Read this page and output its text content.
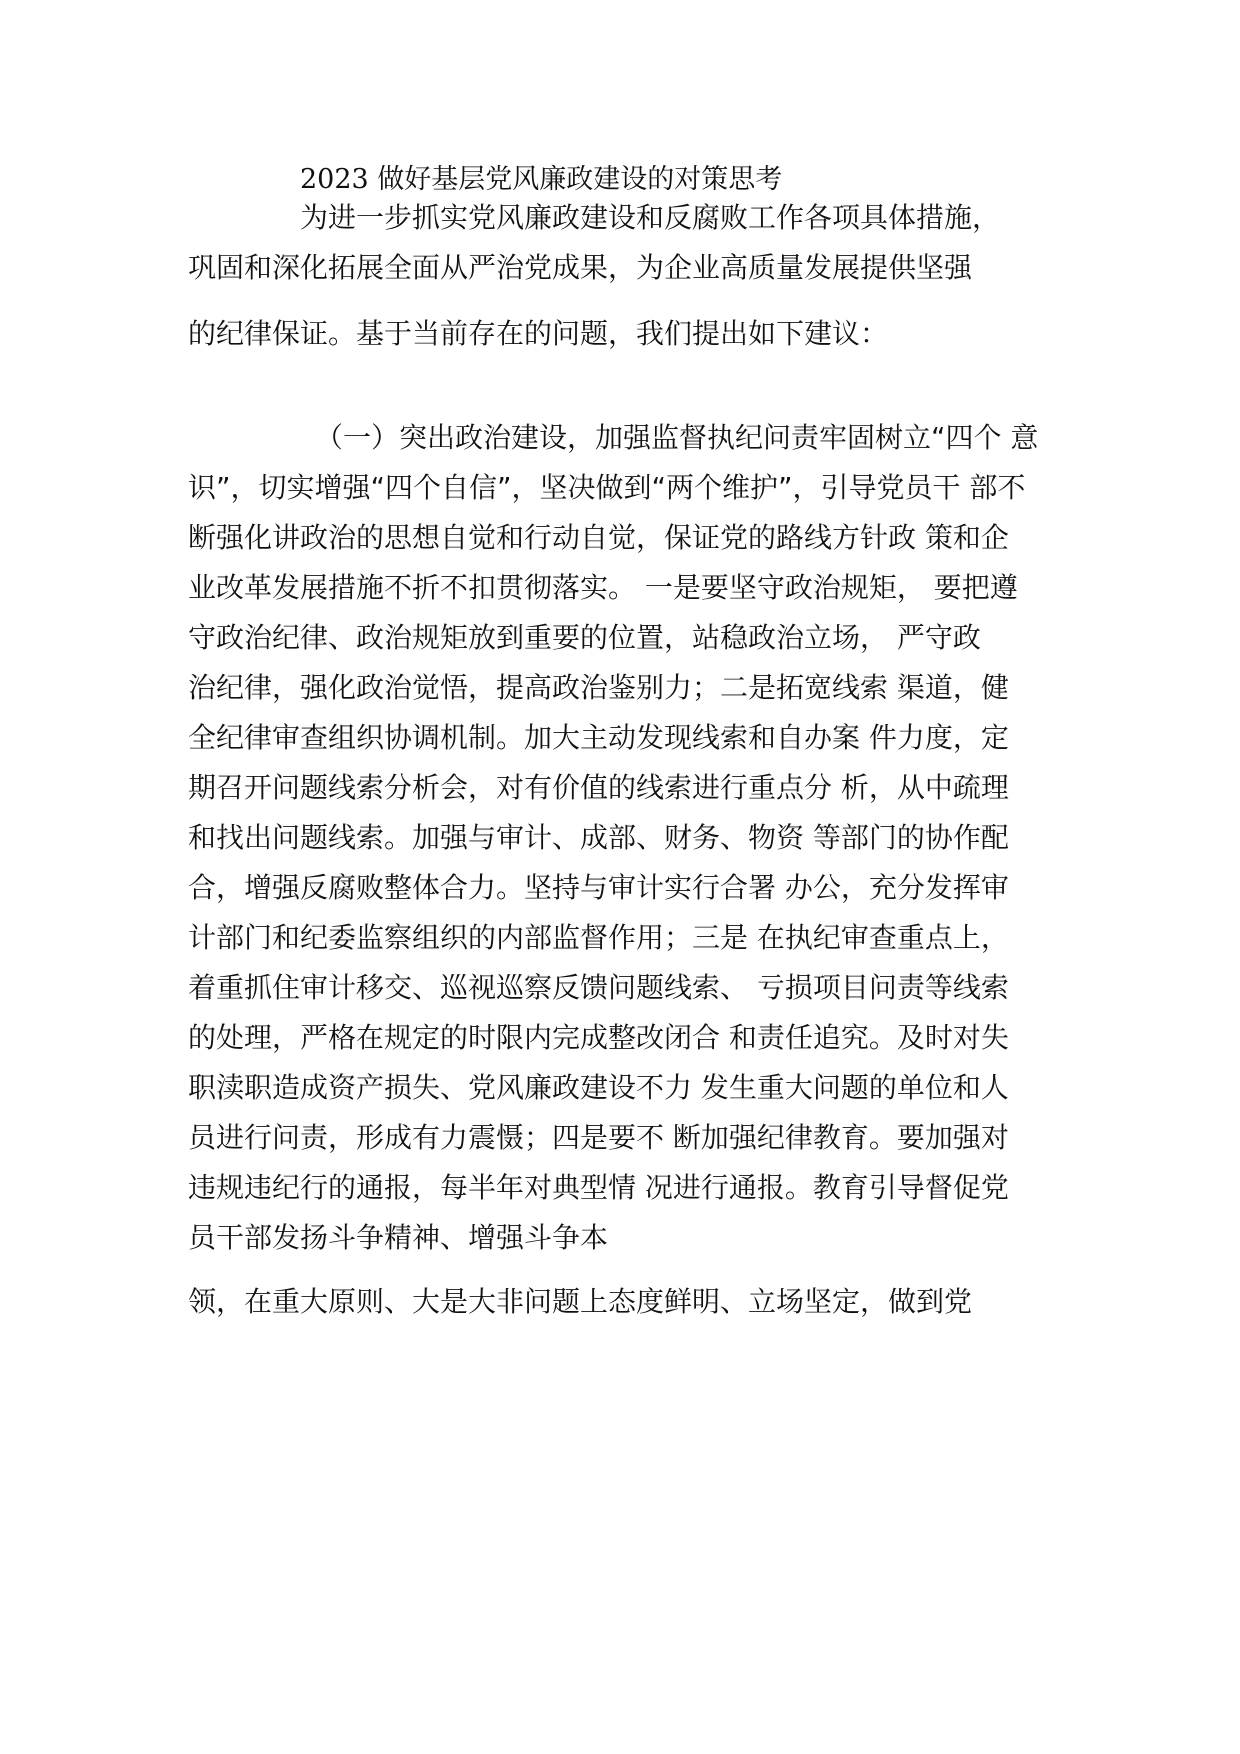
2023 做好基层党风廉政建设的对策思考
为进一步抓实党风廉政建设和反腐败工作各项具体措施，
巩固和深化拓展全面从严治党成果，为企业高质量发展提供坚强
的纪律保证。基于当前存在的问题，我们提出如下建议：
（一）突出政治建设，加强监督执纪问责牢固树立“四个 意
识”，切实增强“四个自信”，坚决做到“两个维护”，引导党员干 部不
断强化讲政治的思想自觉和行动自觉，保证党的路线方针政 策和企
业改革发展措施不折不扣贯彻落实。 一是要坚守政治规矩， 要把遵
守政治纪律、政治规矩放到重要的位置，站稳政治立场， 严守政
治纪律，强化政治觉悟，提高政治鉴别力；二是拓宽线索 渠道，健
全纪律审查组织协调机制。加大主动发现线索和自办案 件力度，定
期召开问题线索分析会，对有价值的线索进行重点分 析，从中疏理
和找出问题线索。加强与审计、成部、财务、物资 等部门的协作配
合，增强反腐败整体合力。坚持与审计实行合署 办公，充分发挥审
计部门和纪委监察组织的内部监督作用；三是 在执纪审查重点上，
着重抓住审计移交、巡视巡察反馈问题线索、 亏损项目问责等线索
的处理，严格在规定的时限内完成整改闭合 和责任追究。及时对失
职渎职造成资产损失、党风廉政建设不力 发生重大问题的单位和人
员进行问责，形成有力震慑；四是要不 断加强纪律教育。要加强对
违规违纪行的通报，每半年对典型情 况进行通报。教育引导督促党
员干部发扬斗争精神、增强斗争本
领，在重大原则、大是大非问题上态度鲜明、立场坚定，做到党
